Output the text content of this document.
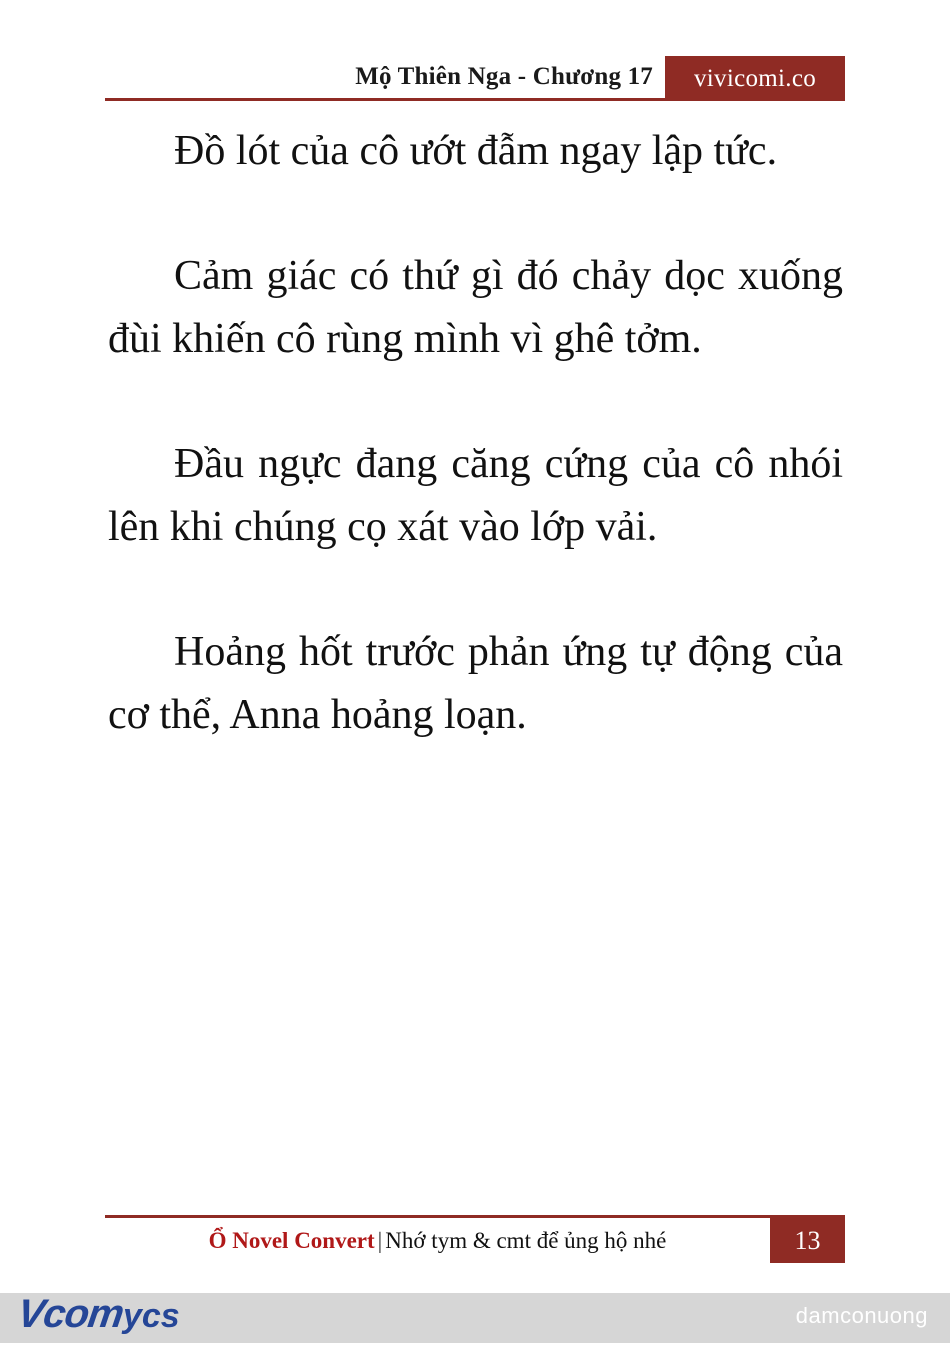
Mộ Thiên Nga - Chương 17	vivicomi.co

Đồ lót của cô ướt đẫm ngay lập tức.

Cảm giác có thứ gì đó chảy dọc xuống đùi khiến cô rùng mình vì ghê tởm.

Đầu ngực đang căng cứng của cô nhói lên khi chúng cọ xát vào lớp vải.

Hoảng hốt trước phản ứng tự động của cơ thể, Anna hoảng loạn.

Ổ Novel Convert | Nhớ tym & cmt để ủng hộ nhé	13
Vcomycs	damconuong
